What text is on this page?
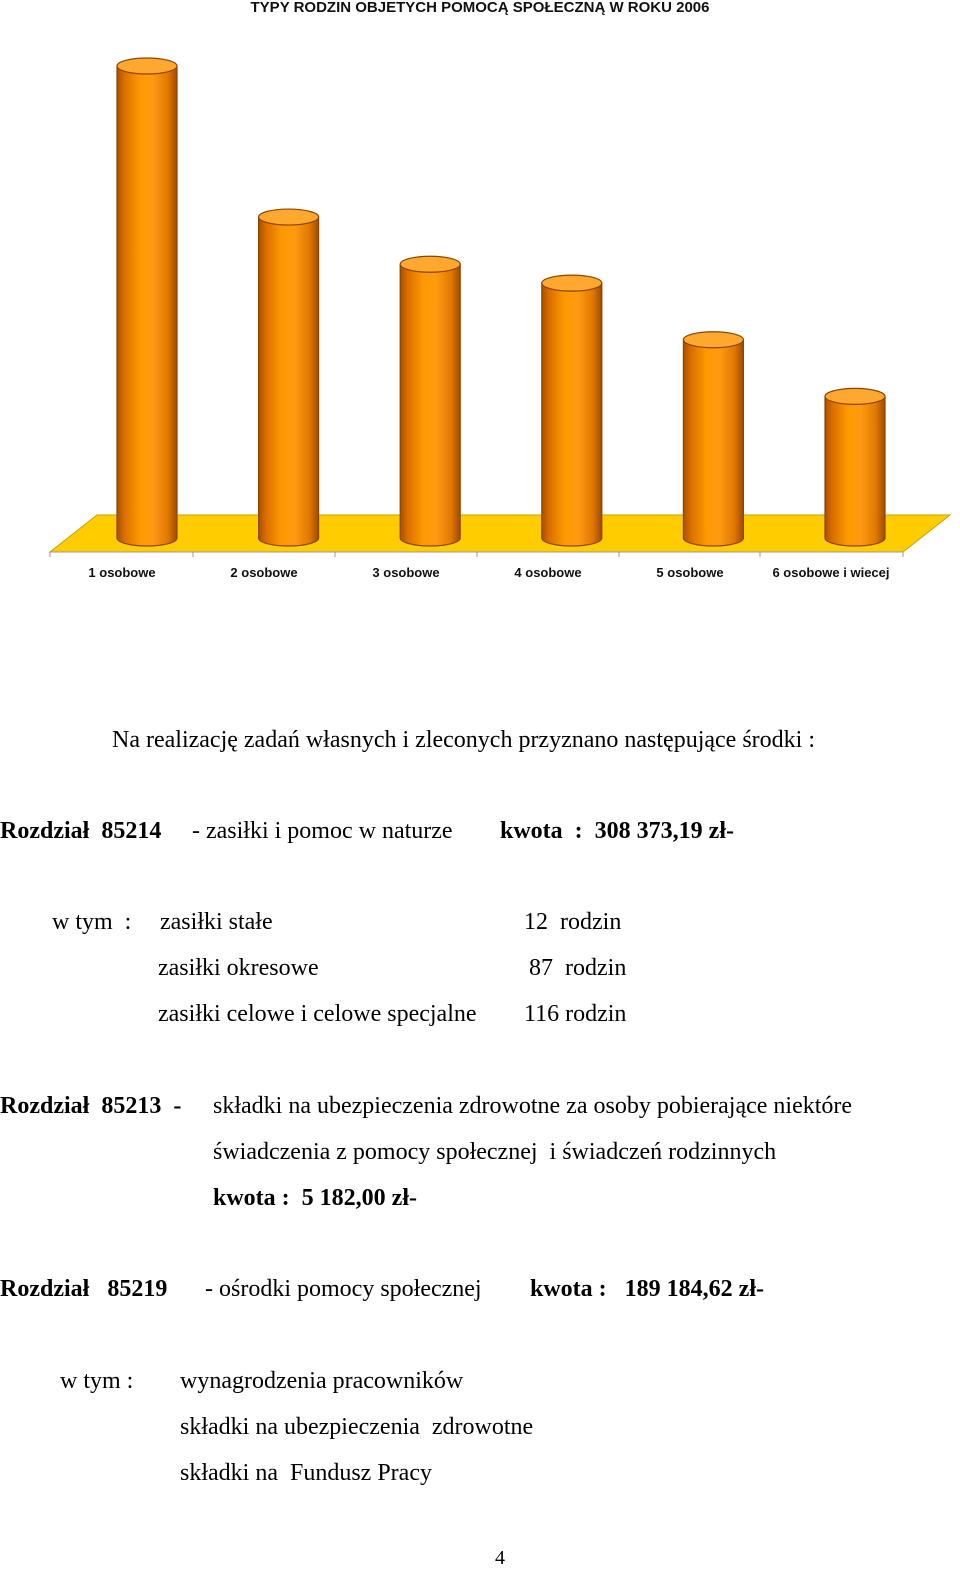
TYPY RODZIN OBJETYCH POMOCĄ SPOŁECZNĄ W ROKU 2006
1 osobowe	2 osobowe	3 osobowe	4 osobowe	5 osobowe	6 osobowe i wiecej
Na realizację zadań własnych i zleconych przyznano następujące środki :
Rozdział  85214 - zasiłki i pomoc w naturze kwota  :  308 373,19 zł-
w tym  : zasiłki stałe	12  rodzin
zasiłki okresowe	87  rodzin
zasiłki celowe i celowe specjalne 116 rodzin
Rozdział  85213  - składki na ubezpieczenia zdrowotne za osoby pobierające niektóre
świadczenia z pomocy społecznej  i świadczeń rodzinnych
kwota :  5 182,00 zł-
Rozdział   85219 - ośrodki pomocy społecznej kwota :   189 184,62 zł-
w tym : wynagrodzenia pracowników
składki na ubezpieczenia  zdrowotne
składki na  Fundusz Pracy
4
